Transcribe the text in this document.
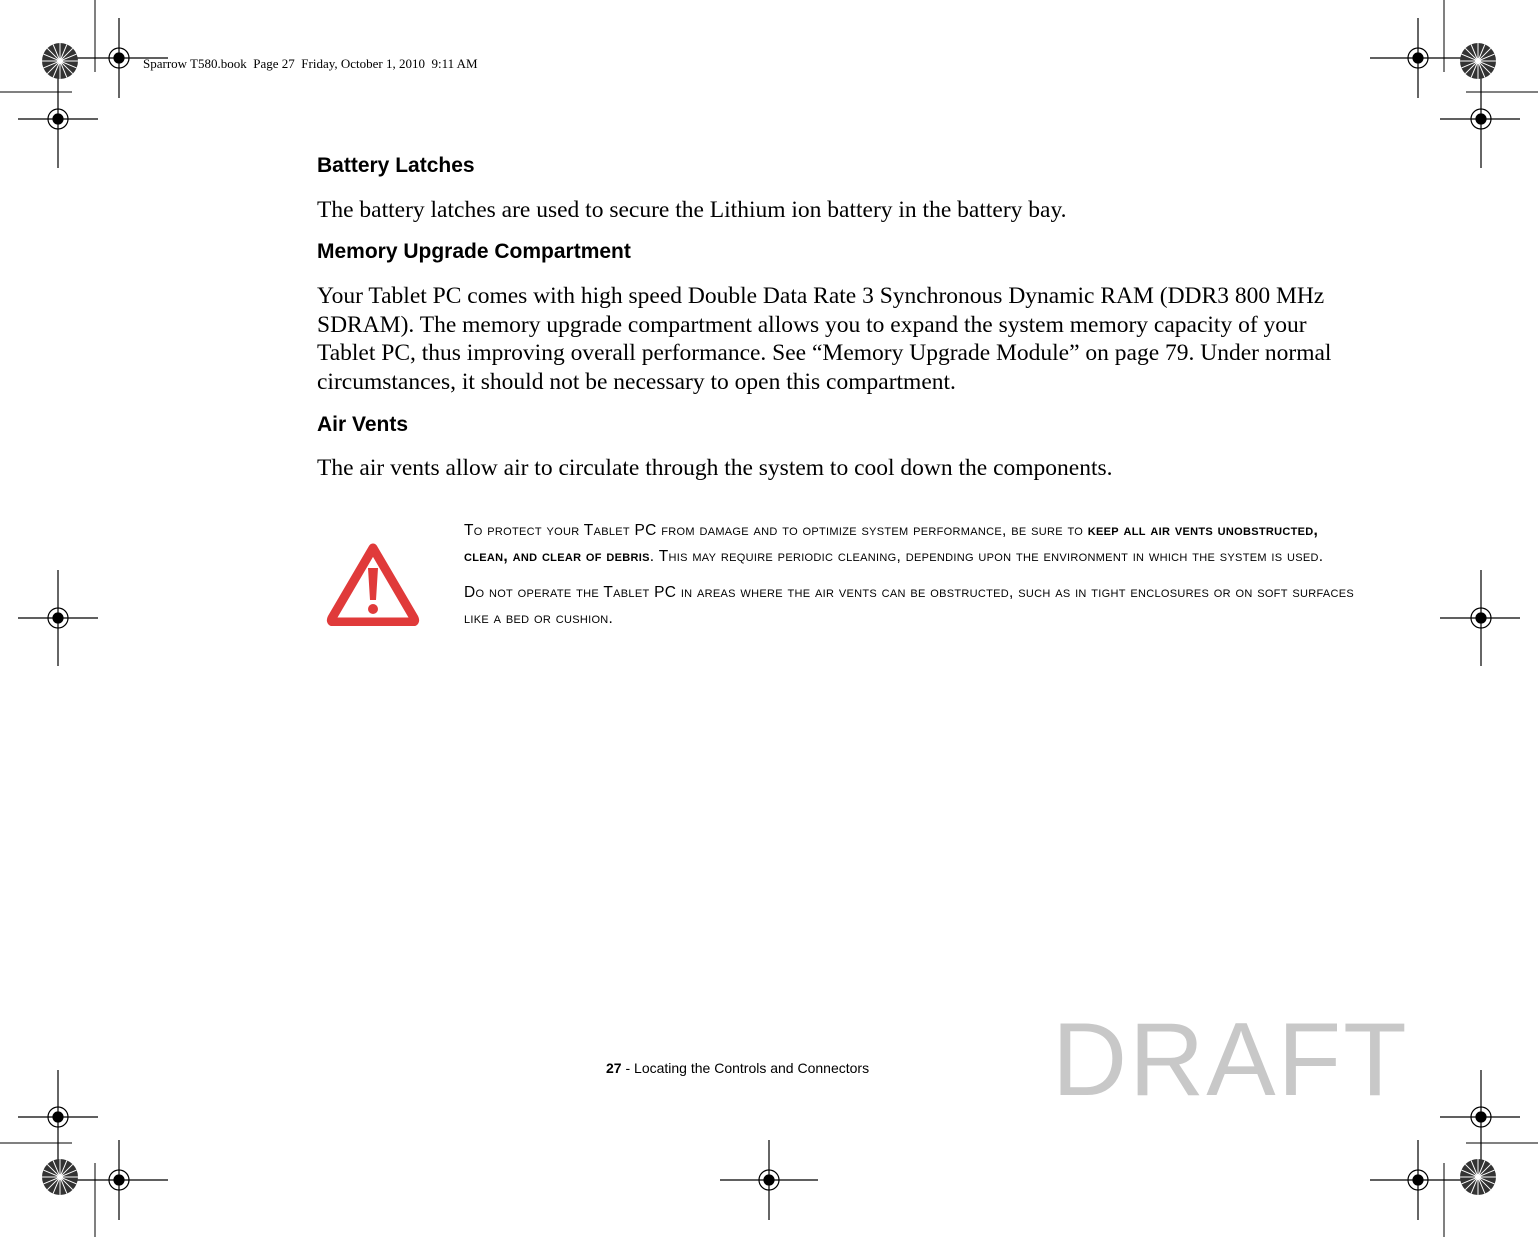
Sparrow T580.book  Page 27  Friday, October 1, 2010  9:11 AM
Battery Latches

The battery latches are used to secure the Lithium ion battery in the battery bay.

Memory Upgrade Compartment

Your Tablet PC comes with high speed Double Data Rate 3 Synchronous Dynamic RAM (DDR3 800 MHz SDRAM). The memory upgrade compartment allows you to expand the system memory capacity of your Tablet PC, thus improving overall performance. See “Memory Upgrade Module” on page 79. Under normal circumstances, it should not be necessary to open this compartment.

Air Vents

The air vents allow air to circulate through the system to cool down the components.

To protect your Tablet PC from damage and to optimize system performance, be sure to keep all air vents unobstructed, clean, and clear of debris. This may require periodic cleaning, depending upon the environment in which the system is used.

Do not operate the Tablet PC in areas where the air vents can be obstructed, such as in tight enclosures or on soft surfaces like a bed or cushion.

27 - Locating the Controls and Connectors DRAFT
